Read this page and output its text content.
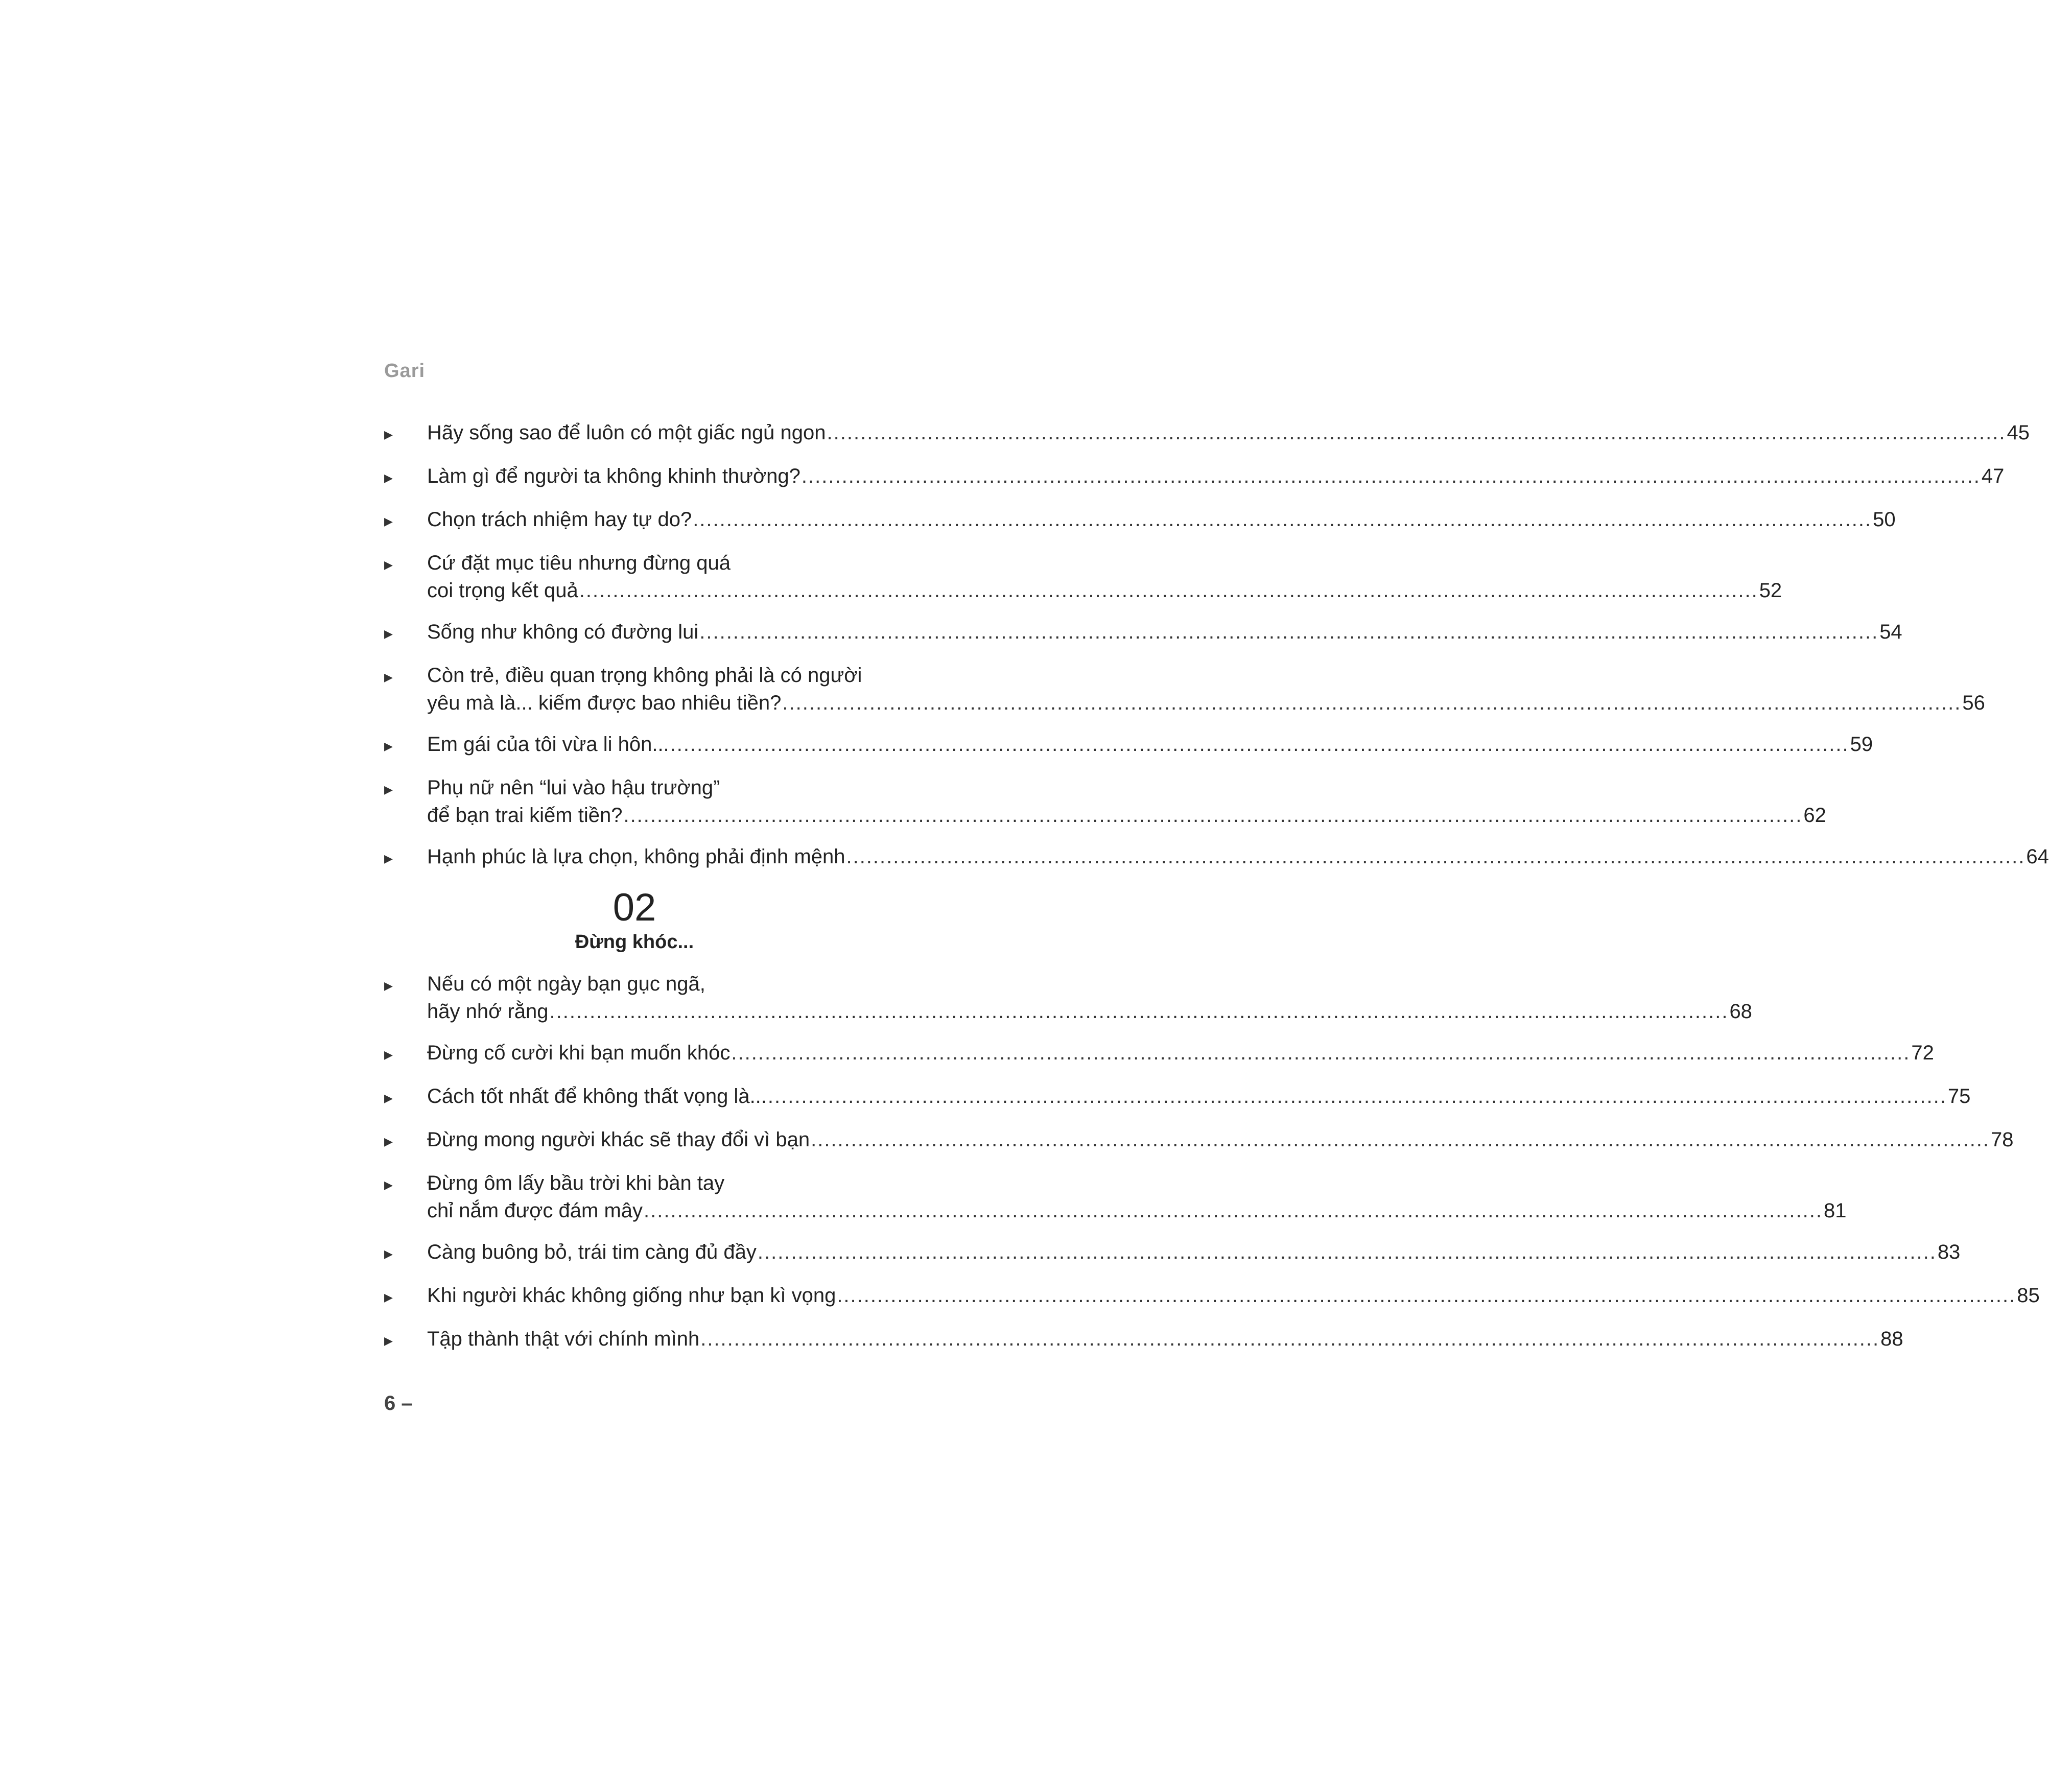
Gari
▶	Hãy sống sao để luôn có một giấc ngủ ngon .....	45
▶	Làm gì để người ta không khinh thường? .....	47
▶	Chọn trách nhiệm hay tự do? .....	50
▶	Cứ đặt mục tiêu nhưng đừng quá
coi trọng kết quả .....	52
▶	Sống như không có đường lui .....	54
▶	Còn trẻ, điều quan trọng không phải là có người
yêu mà là... kiếm được bao nhiêu tiền? .....	56
▶	Em gái của tôi vừa li hôn... .....	59
▶	Phụ nữ nên “lui vào hậu trường”
để bạn trai kiếm tiền? .....	62
▶	Hạnh phúc là lựa chọn, không phải định mệnh .....	64
02
Đừng khóc...
▶	Nếu có một ngày bạn gục ngã,
hãy nhớ rằng .....	68
▶	Đừng cố cười khi bạn muốn khóc .....	72
▶	Cách tốt nhất để không thất vọng là... .....	75
▶	Đừng mong người khác sẽ thay đổi vì bạn .....	78
▶	Đừng ôm lấy bầu trời khi bàn tay
chỉ nắm được đám mây .....	81
▶	Càng buông bỏ, trái tim càng đủ đầy .....	83
▶	Khi người khác không giống như bạn kì vọng .....	85
▶	Tập thành thật với chính mình .....	88
6 –
